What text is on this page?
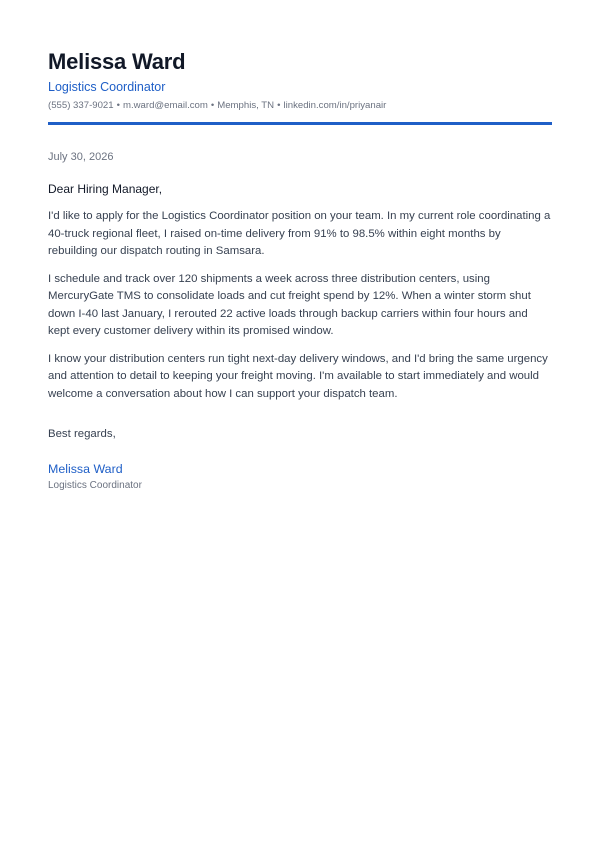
Melissa Ward
Logistics Coordinator
(555) 337-9021 • m.ward@email.com • Memphis, TN • linkedin.com/in/priyanair
July 30, 2026
Dear Hiring Manager,

I'd like to apply for the Logistics Coordinator position on your team. In my current role coordinating a 40-truck regional fleet, I raised on-time delivery from 91% to 98.5% within eight months by rebuilding our dispatch routing in Samsara.

I schedule and track over 120 shipments a week across three distribution centers, using MercuryGate TMS to consolidate loads and cut freight spend by 12%. When a winter storm shut down I-40 last January, I rerouted 22 active loads through backup carriers within four hours and kept every customer delivery within its promised window.

I know your distribution centers run tight next-day delivery windows, and I'd bring the same urgency and attention to detail to keeping your freight moving. I'm available to start immediately and would welcome a conversation about how I can support your dispatch team.

Best regards,
Melissa Ward
Logistics Coordinator
